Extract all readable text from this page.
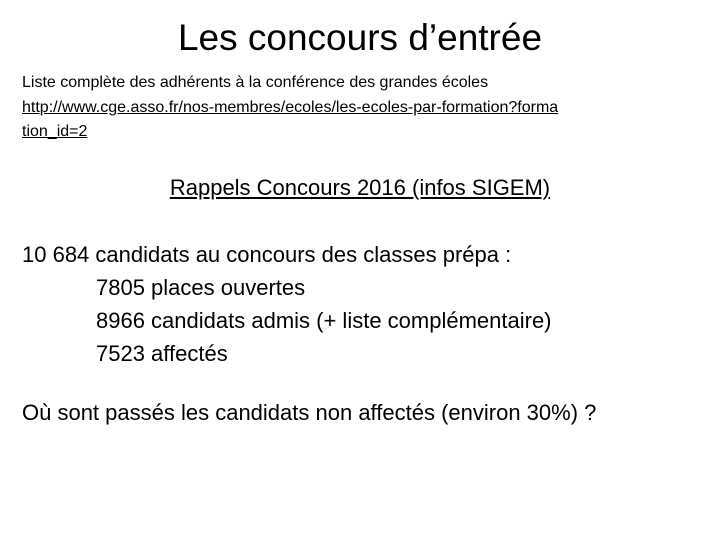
Les concours d’entrée

Liste complète des adhérents à la conférence des grandes écoles

http://www.cge.asso.fr/nos-membres/ecoles/les-ecoles-par-formation?formation_id=2
Rappels Concours 2016 (infos SIGEM)
10 684 candidats au concours des classes prépa :
7805 places ouvertes
8966 candidats admis (+ liste complémentaire)
7523 affectés

Où sont passés les candidats non affectés (environ 30%) ?
